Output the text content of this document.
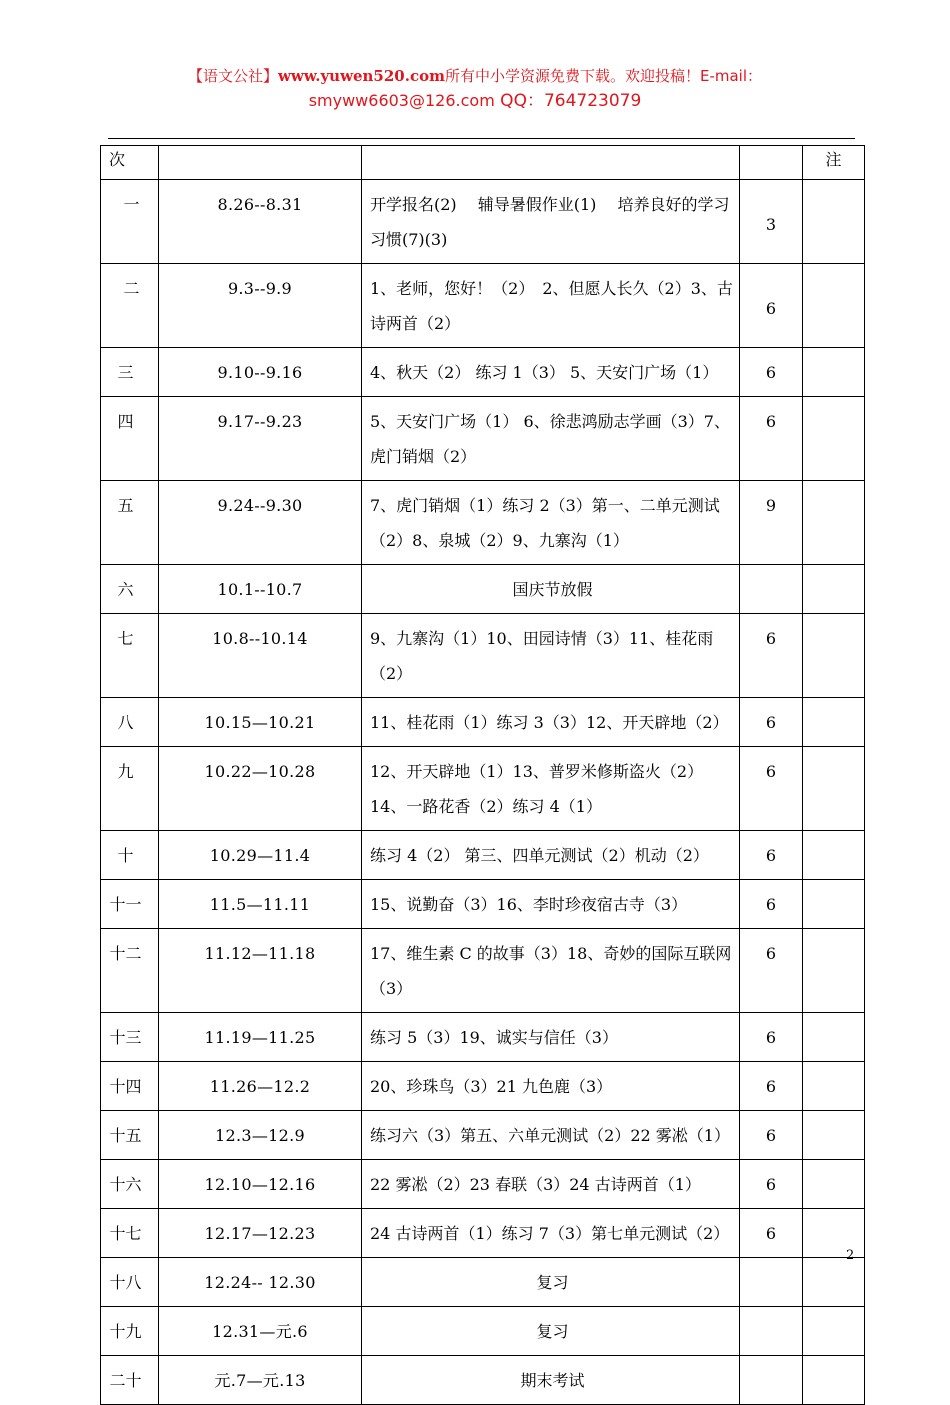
【语文公社】www.yuwen520.com所有中小学资源免费下载。欢迎投稿！E-mail：
smyww6603@126.com QQ：764723079
次				注
一	8.26--8.31	开学报名(2)　 辅导暑假作业(1)　 培养良好的学习习惯(7)(3)	3	
二	9.3--9.9	1、老师，您好！（2）　2、但愿人长久（2）3、古诗两首（2）	6	
三	9.10--9.16	4、秋天（2） 练习 1（3） 5、天安门广场（1）	6	
四	9.17--9.23	5、天安门广场（1） 6、徐悲鸿励志学画（3）7、虎门销烟（2）	6	
五	9.24--9.30	7、虎门销烟（1）练习 2（3）第一、二单元测试（2）8、泉城（2）9、九寨沟（1）	9	
六	10.1--10.7	国庆节放假		
七	10.8--10.14	9、九寨沟（1）10、田园诗情（3）11、桂花雨（2）	6	
八	10.15—10.21	11、桂花雨（1）练习 3（3）12、开天辟地（2）	6	
九	10.22—10.28	12、开天辟地（1）13、普罗米修斯盗火（2）14、一路花香（2）练习 4（1）	6	
十	10.29—11.4	练习 4（2） 第三、四单元测试（2）机动（2）	6	
十一	11.5—11.11	15、说勤奋（3）16、李时珍夜宿古寺（3）	6	
十二	11.12—11.18	17、维生素 C 的故事（3）18、奇妙的国际互联网（3）	6	
十三	11.19—11.25	练习 5（3）19、诚实与信任（3）	6	
十四	11.26—12.2	20、珍珠鸟（3）21 九色鹿（3）	6	
十五	12.3—12.9	练习六（3）第五、六单元测试（2）22 雾凇（1）	6	
十六	12.10—12.16	22 雾凇（2）23 春联（3）24 古诗两首（1）	6	
十七	12.17—12.23	24 古诗两首（1）练习 7（3）第七单元测试（2）	6	
十八	12.24-- 12.30	复习		
十九	12.31—元.6	复习		
二十	元.7—元.13	期末考试		
2
